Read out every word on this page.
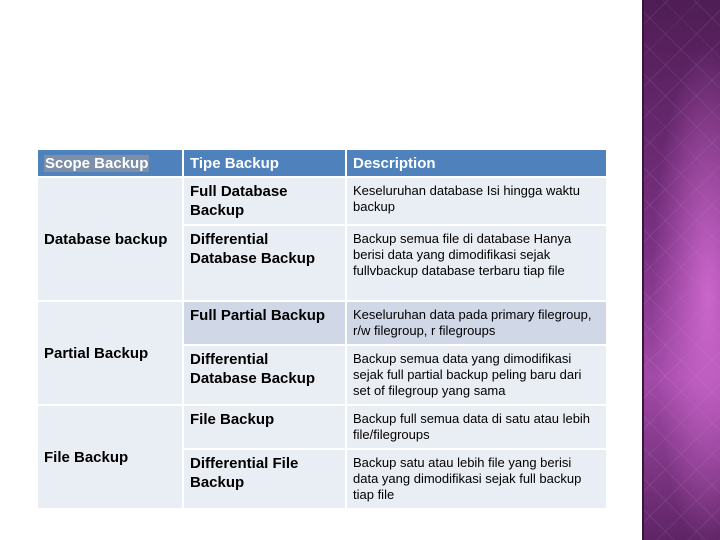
Scope Backup	Tipe Backup	Description
Database backup	Full Database Backup	Keseluruhan database Isi hingga waktu backup
	Differential Database Backup	Backup semua file di database Hanya berisi data yang dimodifikasi sejak fullvbackup database terbaru tiap file
Partial Backup	Full Partial Backup	Keseluruhan data pada primary filegroup, r/w filegroup, r filegroups
	Differential Database Backup	Backup semua data yang dimodifikasi sejak full partial backup peling baru dari set of filegroup yang sama
File Backup	File Backup	Backup full semua data di satu atau lebih file/filegroups
	Differential File Backup	Backup satu atau lebih file yang berisi data yang dimodifikasi sejak full backup tiap file
